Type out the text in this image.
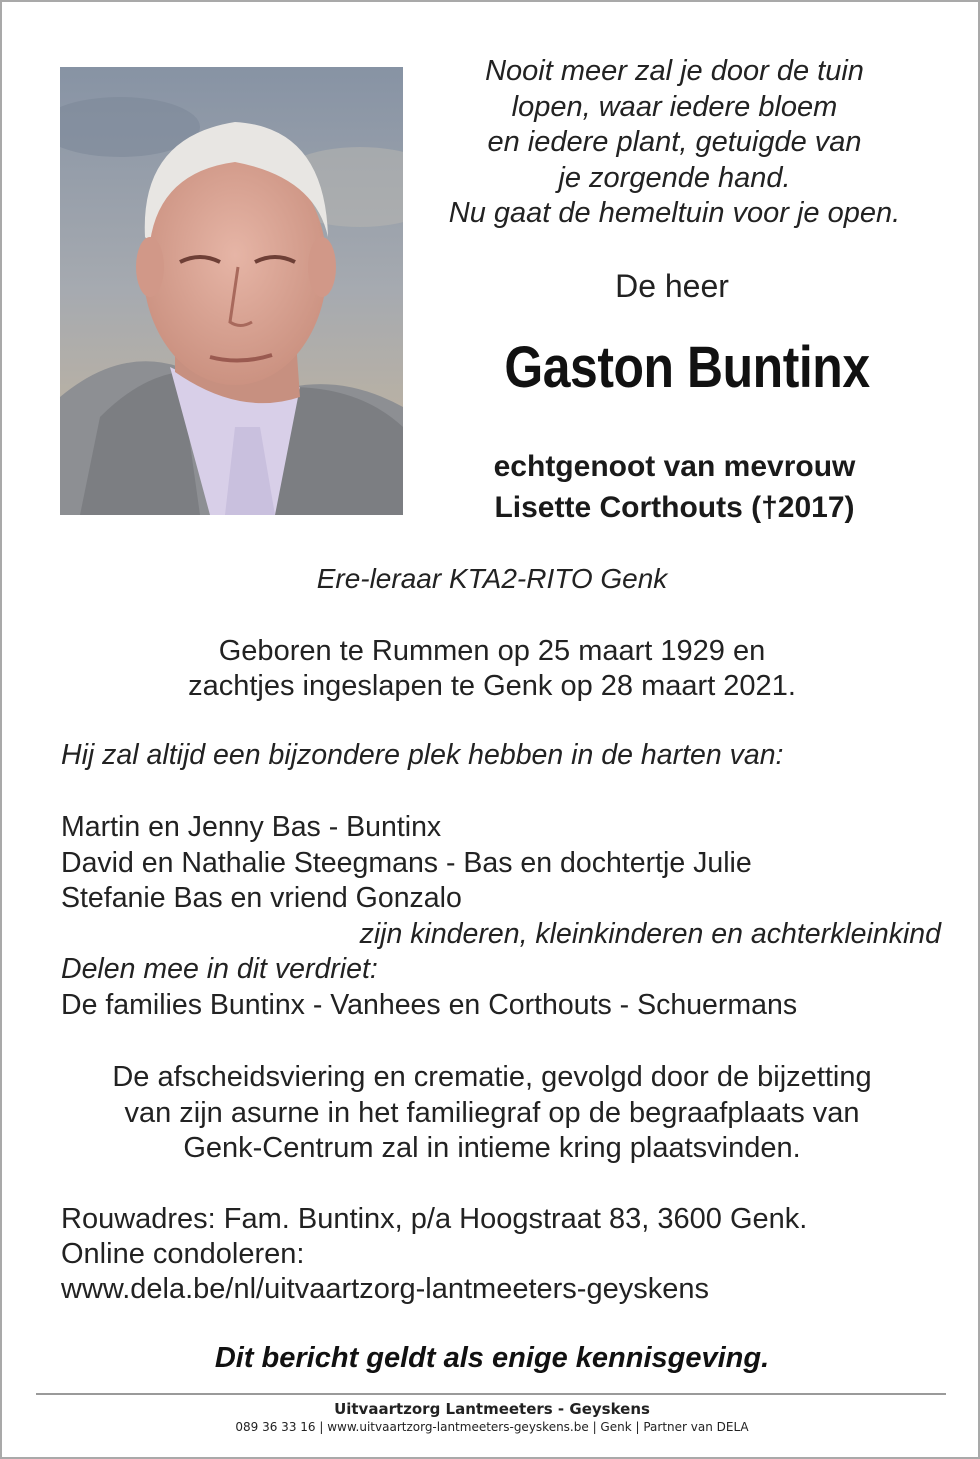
Nooit meer zal je door de tuin
lopen, waar iedere bloem
en iedere plant, getuigde van
je zorgende hand.
Nu gaat de hemeltuin voor je open.
De heer
Gaston Buntinx
echtgenoot van mevrouw
Lisette Corthouts (†2017)
Ere-leraar KTA2-RITO Genk
Geboren te Rummen op 25 maart 1929 en
zachtjes ingeslapen te Genk op 28 maart 2021.
Hij zal altijd een bijzondere plek hebben in de harten van:
Martin en Jenny Bas - Buntinx
David en Nathalie Steegmans - Bas en dochtertje Julie
Stefanie Bas en vriend Gonzalo
zijn kinderen, kleinkinderen en achterkleinkind
Delen mee in dit verdriet:
De families Buntinx - Vanhees en Corthouts - Schuermans
De afscheidsviering en crematie, gevolgd door de bijzetting
van zijn asurne in het familiegraf op de begraafplaats van
Genk-Centrum zal in intieme kring plaatsvinden.
Rouwadres: Fam. Buntinx, p/a Hoogstraat 83, 3600 Genk.
Online condoleren:
www.dela.be/nl/uitvaartzorg-lantmeeters-geyskens
Dit bericht geldt als enige kennisgeving.
Uitvaartzorg Lantmeeters - Geyskens
089 36 33 16 | www.uitvaartzorg-lantmeeters-geyskens.be | Genk | Partner van DELA
